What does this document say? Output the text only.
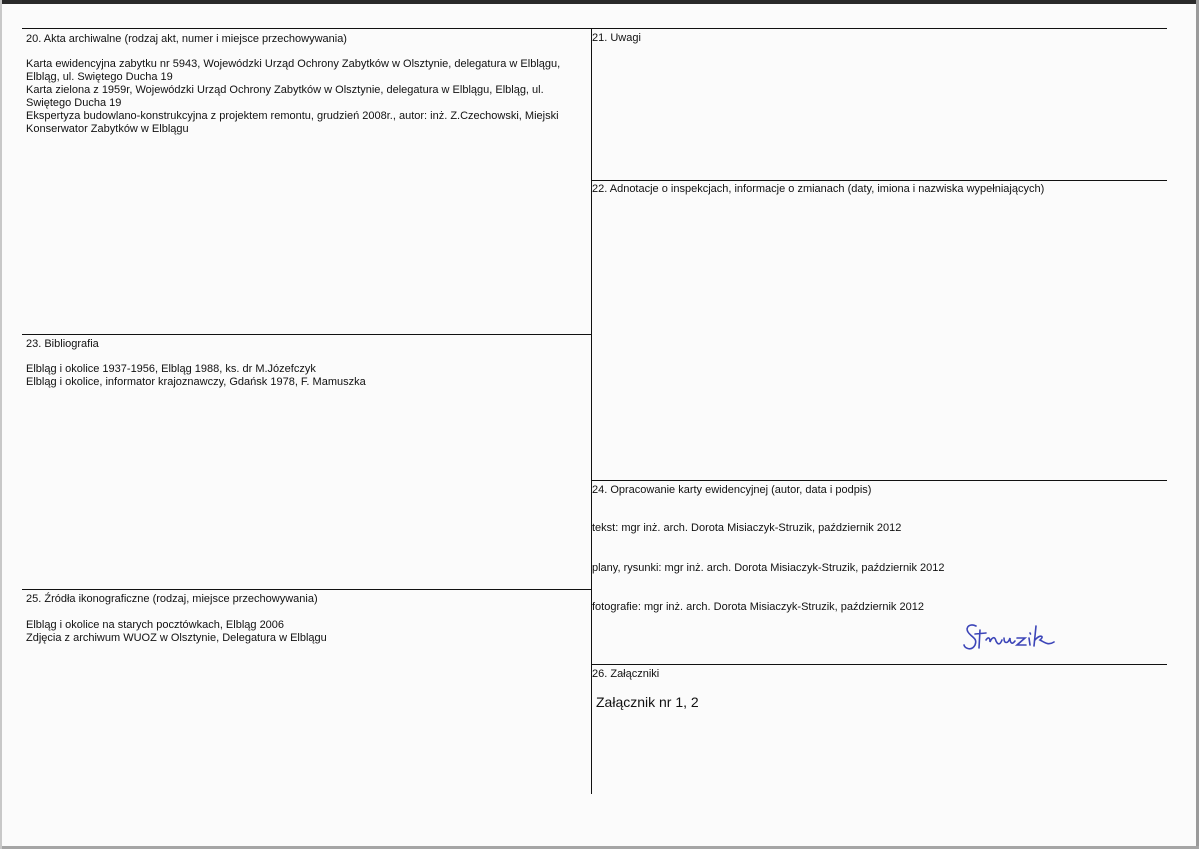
20. Akta archiwalne (rodzaj akt, numer i miejsce przechowywania)
Karta ewidencyjna zabytku nr 5943, Wojewódzki Urząd Ochrony Zabytków w Olsztynie, delegatura w Elblągu,
Elbląg, ul. Swiętego Ducha 19
Karta zielona z 1959r, Wojewódzki Urząd Ochrony Zabytków w Olsztynie, delegatura w Elblągu, Elbląg, ul.
Swiętego Ducha 19
Ekspertyza budowlano-konstrukcyjna z projektem remontu, grudzień 2008r., autor: inż. Z.Czechowski, Miejski
Konserwator Zabytków w Elblągu
21. Uwagi
22. Adnotacje o inspekcjach, informacje o zmianach (daty, imiona i nazwiska wypełniających)
23. Bibliografia
Elbląg i okolice 1937-1956, Elbląg 1988, ks. dr M.Józefczyk
Elbląg i okolice, informator krajoznawczy, Gdańsk 1978, F. Mamuszka
24. Opracowanie karty ewidencyjnej (autor, data i podpis)
tekst: mgr inż. arch. Dorota Misiaczyk-Struzik, październik 2012
plany, rysunki: mgr inż. arch. Dorota Misiaczyk-Struzik, październik 2012
fotografie: mgr inż. arch. Dorota Misiaczyk-Struzik, październik 2012
25. Źródła ikonograficzne (rodzaj, miejsce przechowywania)
Elbląg i okolice na starych pocztówkach, Elbląg 2006
Zdjęcia z archiwum WUOZ w Olsztynie, Delegatura w Elblągu
26. Załączniki
Załącznik nr 1, 2
